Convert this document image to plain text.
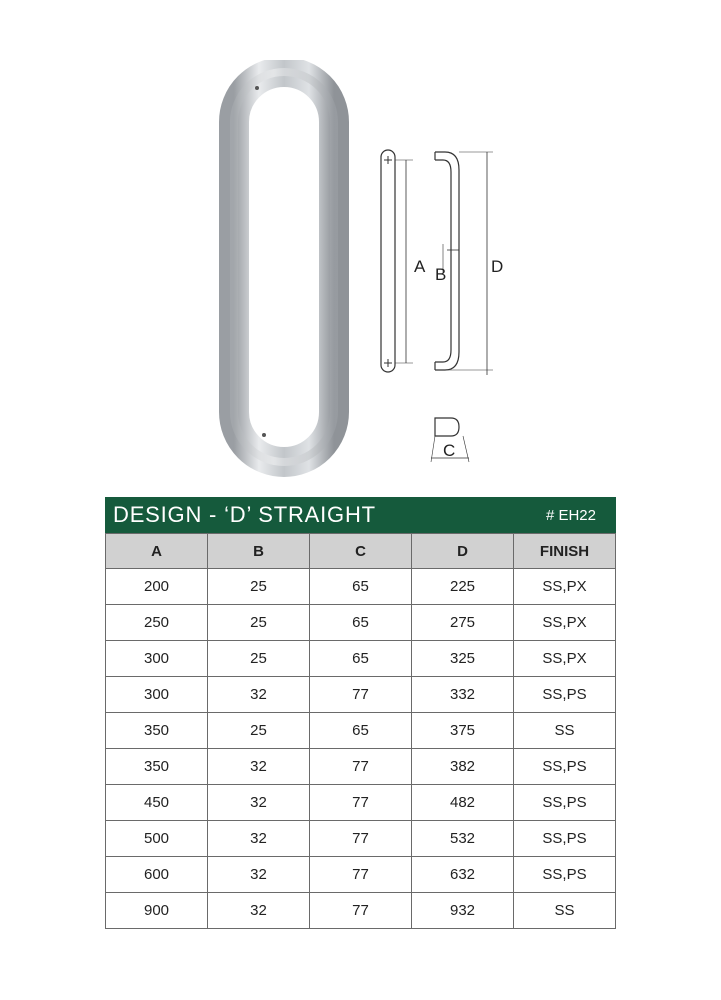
A B	D
C
DESIGN - ‘D’ STRAIGHT	# EH22
A	B	C	D	FINISH
200	25	65	225	SS,PX
250	25	65	275	SS,PX
300	25	65	325	SS,PX
300	32	77	332	SS,PS
350	25	65	375	SS
350	32	77	382	SS,PS
450	32	77	482	SS,PS
500	32	77	532	SS,PS
600	32	77	632	SS,PS
900	32	77	932	SS
